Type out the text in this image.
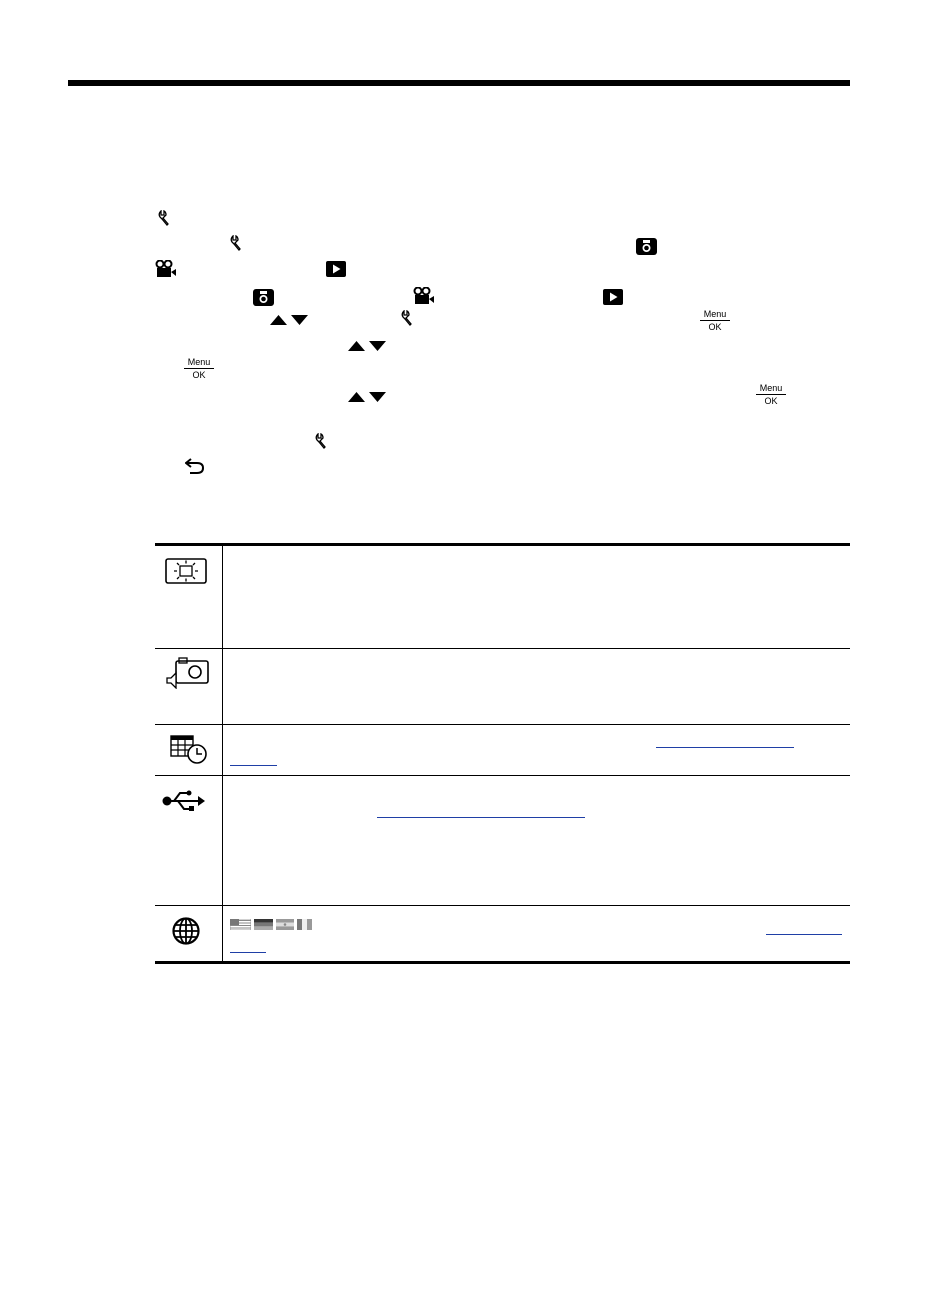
Menu
OK
Menu
OK
Menu
OK
